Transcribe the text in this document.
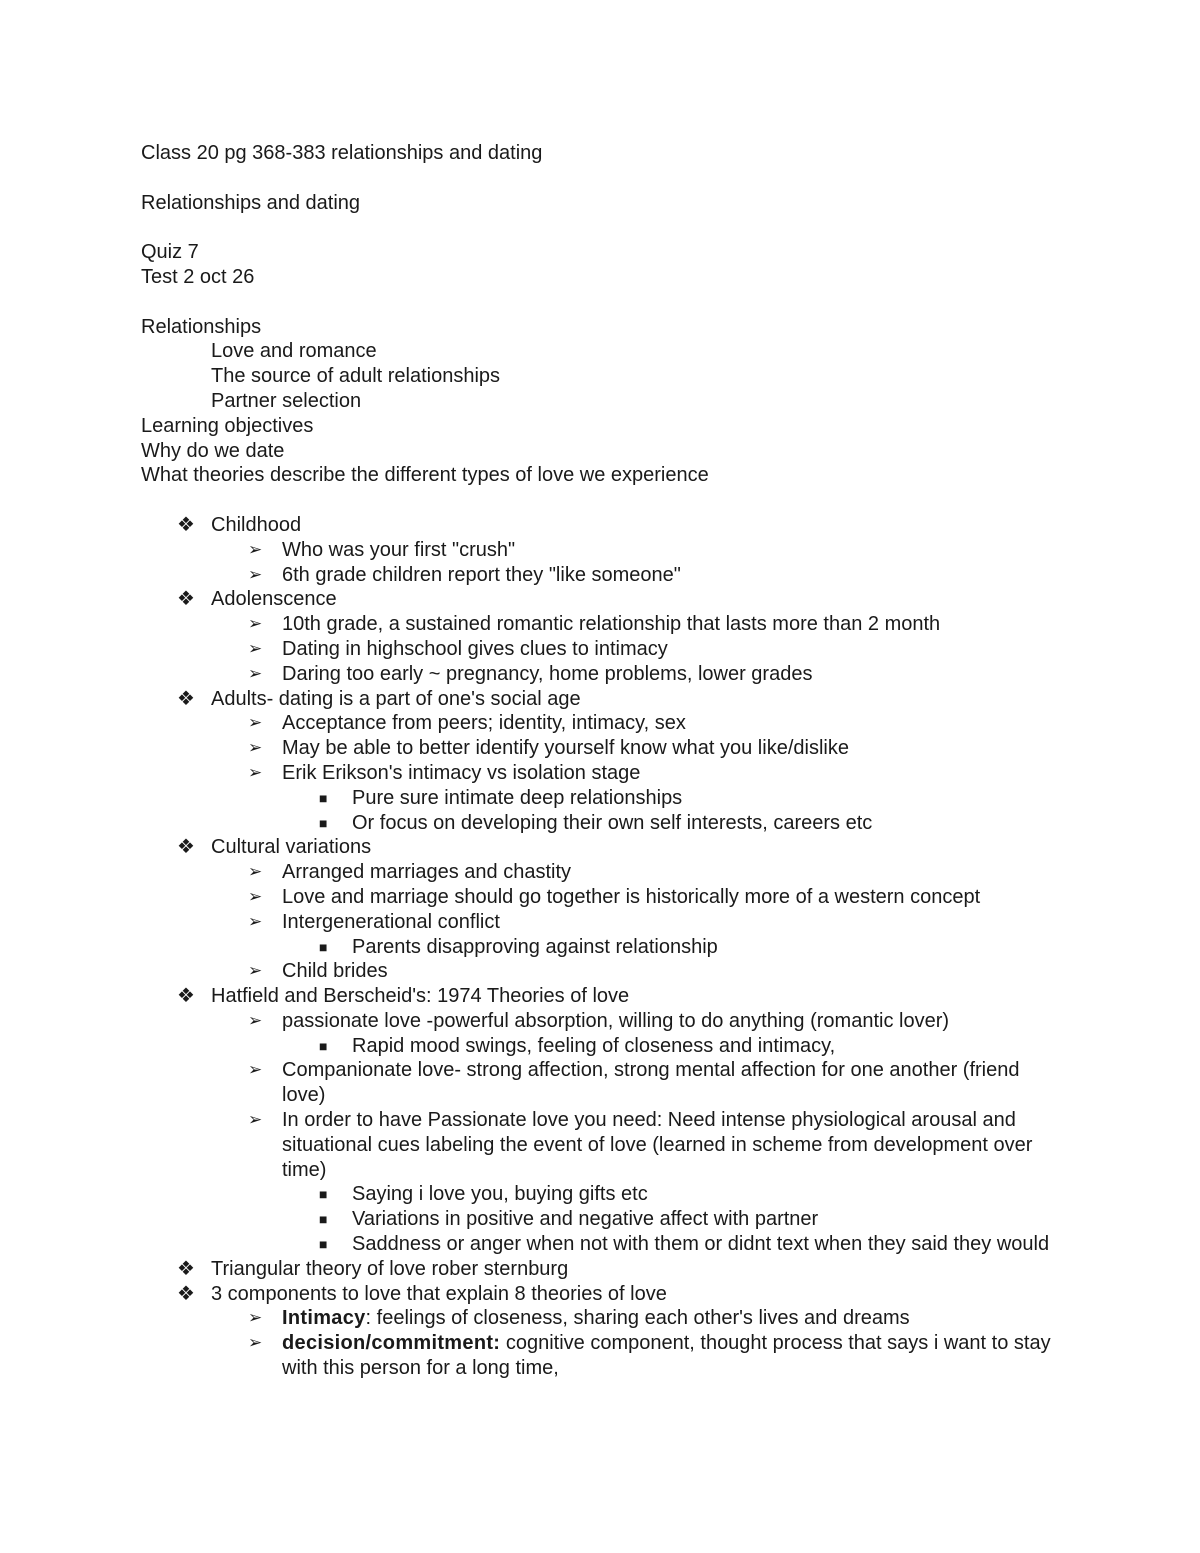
Class 20 pg 368-383 relationships and dating
Relationships and dating
Quiz 7
Test 2 oct 26
Relationships
Love and romance
The source of adult relationships
Partner selection
Learning objectives
Why do we date
What theories describe the different types of love we experience
❖ Childhood
➢ Who was your first "crush"
➢ 6th grade children report they "like someone"
❖ Adolenscence
➢ 10th grade, a sustained romantic relationship that lasts more than 2 month
➢ Dating in highschool gives clues to intimacy
➢ Daring too early ~ pregnancy, home problems, lower grades
❖ Adults- dating is a part of one's social age
➢ Acceptance from peers; identity, intimacy, sex
➢ May be able to better identify yourself know what you like/dislike
➢ Erik Erikson's intimacy vs isolation stage
■	Pure sure intimate deep relationships
■	Or focus on developing their own self interests, careers etc
❖ Cultural variations
➢ Arranged marriages and chastity
➢ Love and marriage should go together is historically more of a western concept
➢ Intergenerational conflict
■	Parents disapproving against relationship
➢ Child brides
❖ Hatfield and Berscheid's: 1974 Theories of love
➢ passionate love -powerful absorption, willing to do anything (romantic lover)
■	Rapid mood swings, feeling of closeness and intimacy,
➢ Companionate love- strong affection, strong mental affection for one another (friend love)
➢ In order to have Passionate love you need: Need intense physiological arousal and situational cues labeling the event of love (learned in scheme from development over time)
■	Saying i love you, buying gifts etc
■	Variations in positive and negative affect with partner
■	Saddness or anger when not with them or didnt text when they said they would
❖ Triangular theory of love rober sternburg
❖ 3 components to love that explain 8 theories of love
➢ Intimacy: feelings of closeness, sharing each other's lives and dreams
➢ decision/commitment: cognitive component, thought process that says i want to stay with this person for a long time,
